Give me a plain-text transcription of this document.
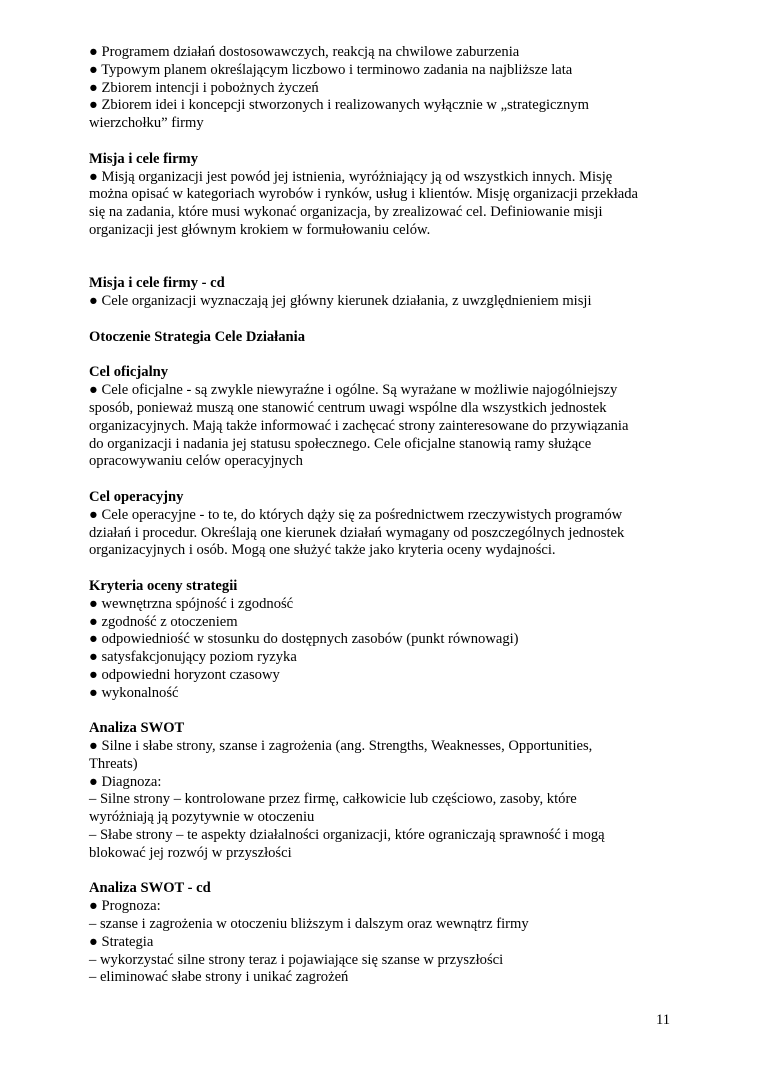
● Programem działań dostosowawczych, reakcją na chwilowe zaburzenia
● Typowym planem określającym liczbowo i terminowo zadania na najbliższe lata
● Zbiorem intencji i pobożnych życzeń
● Zbiorem idei i koncepcji stworzonych i realizowanych wyłącznie w „strategicznym
wierzchołku” firmy
Misja i cele firmy
● Misją organizacji jest powód jej istnienia, wyróżniający ją od wszystkich innych. Misję
można opisać w kategoriach wyrobów i rynków, usług i klientów. Misję organizacji przekłada
się na zadania, które musi wykonać organizacja, by zrealizować cel. Definiowanie misji
organizacji jest głównym krokiem w formułowaniu celów.
Misja i cele firmy - cd
● Cele organizacji wyznaczają jej główny kierunek działania, z uwzględnieniem misji
Otoczenie Strategia Cele Działania
Cel oficjalny
● Cele oficjalne - są zwykle niewyraźne i ogólne. Są wyrażane w możliwie najogólniejszy
sposób, ponieważ muszą one stanowić centrum uwagi wspólne dla wszystkich jednostek
organizacyjnych. Mają także informować i zachęcać strony zainteresowane do przywiązania
do organizacji i nadania jej statusu społecznego. Cele oficjalne stanowią ramy służące
opracowywaniu celów operacyjnych
Cel operacyjny
● Cele operacyjne - to te, do których dąży się za pośrednictwem rzeczywistych programów
działań i procedur. Określają one kierunek działań wymagany od poszczególnych jednostek
organizacyjnych i osób. Mogą one służyć także jako kryteria oceny wydajności.
Kryteria oceny strategii
● wewnętrzna spójność i zgodność
● zgodność z otoczeniem
● odpowiedniość w stosunku do dostępnych zasobów (punkt równowagi)
● satysfakcjonujący poziom ryzyka
● odpowiedni horyzont czasowy
● wykonalność
Analiza SWOT
● Silne i słabe strony, szanse i zagrożenia (ang. Strengths, Weaknesses, Opportunities,
Threats)
● Diagnoza:
– Silne strony – kontrolowane przez firmę, całkowicie lub częściowo, zasoby, które
wyróżniają ją pozytywnie w otoczeniu
– Słabe strony – te aspekty działalności organizacji, które ograniczają sprawność i mogą
blokować jej rozwój w przyszłości
Analiza SWOT - cd
● Prognoza:
– szanse i zagrożenia w otoczeniu bliższym i dalszym oraz wewnątrz firmy
● Strategia
– wykorzystać silne strony teraz i pojawiające się szanse w przyszłości
– eliminować słabe strony i unikać zagrożeń
11
